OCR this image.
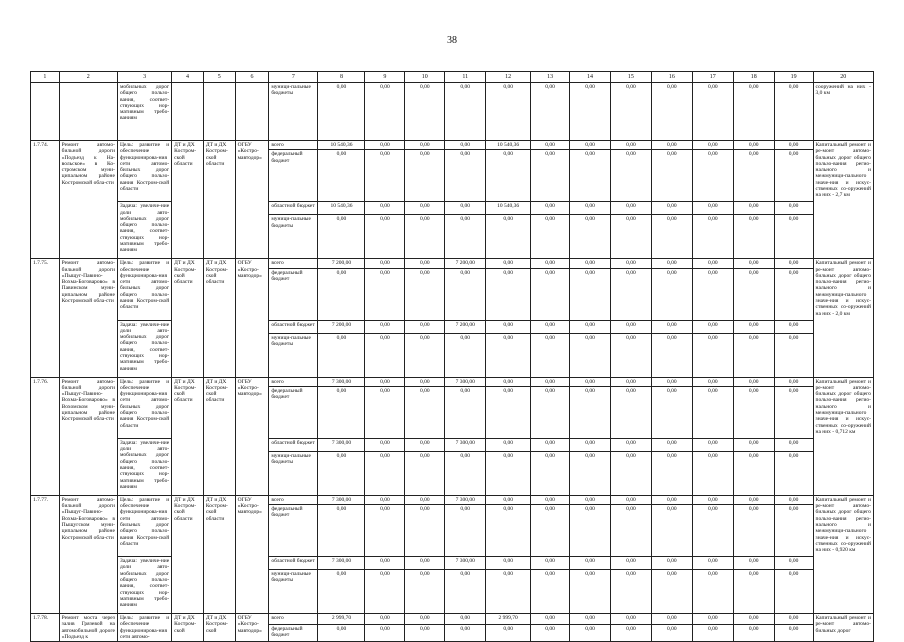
38
1	2	3	4	5	6	7	8	9	10	11	12	13	14	15	16	17	18	19	20
		мобильных дорог общего пользо-вания, соответ-ствующих нор-мативным требо-ваниям				муници-пальные бюджеты	0,00	0,00	0,00	0,00	0,00	0,00	0,00	0,00	0,00	0,00	0,00	0,00	сооружений на них - 3,0 км
1.7.74.	Ремонт автомо-бильной дороги «Подъезд к На-вольское» в Ко-стромском муни-ципальном районе Костромской обла-сти	Цель: развитие и обеспечение функционирова-ния сети автомо-бильных дорог общего пользо-вания Костром-ской области	ДТ и ДХ Костром-ской области	ДТ и ДХ Костром-ской области	ОГБУ «Костро-мавтодор»	всего	10 540,36	0,00	0,00	0,00	10 540,36	0,00	0,00	0,00	0,00	0,00	0,00	0,00	Капитальный ремонт и ре-монт автомо-бильных дорог общего пользо-вания регио-нального и межмуници-пального значе-ния и искус-ственных со-оружений на них - 2,7 км
						федеральный бюджет	0,00	0,00	0,00	0,00	0,00	0,00	0,00	0,00	0,00	0,00	0,00	0,00	
		Задача: увеличе-ние доли авто-мобильных дорог общего пользо-вания, соответ-ствующих нор-мативным требо-ваниям				областной бюджет	10 540,36	0,00	0,00	0,00	10 540,36	0,00	0,00	0,00	0,00	0,00	0,00	0,00	
						муници-пальные бюджеты	0,00	0,00	0,00	0,00	0,00	0,00	0,00	0,00	0,00	0,00	0,00	0,00	
1.7.75.	Ремонт автомо-бильной дороги «Пыщуг-Павино-Вохма-Боговарово» в Павинском муни-ципальном районе Костромской обла-сти	Цель: развитие и обеспечение функционирова-ния сети автомо-бильных дорог общего пользо-вания Костром-ской области	ДТ и ДХ Костром-ской области	ДТ и ДХ Костром-ской области	ОГБУ «Костро-мавтодор»	всего	7 200,00	0,00	0,00	7 200,00	0,00	0,00	0,00	0,00	0,00	0,00	0,00	0,00	Капитальный ремонт и ре-монт автомо-бильных дорог общего пользо-вания регио-нального и межмуници-пального значе-ния и искус-ственных со-оружений на них - 2,0 км
						федеральный бюджет	0,00	0,00	0,00	0,00	0,00	0,00	0,00	0,00	0,00	0,00	0,00	0,00	
		Задача: увеличе-ние доли авто-мобильных дорог общего пользо-вания, соответ-ствующих нор-мативным требо-ваниям				областной бюджет	7 200,00	0,00	0,00	7 200,00	0,00	0,00	0,00	0,00	0,00	0,00	0,00	0,00	
						муници-пальные бюджеты	0,00	0,00	0,00	0,00	0,00	0,00	0,00	0,00	0,00	0,00	0,00	0,00	
1.7.76.	Ремонт автомо-бильной дороги «Пыщуг-Павино-Вохма-Боговарово» в Вохомском муни-ципальном районе Костромской обла-сти	Цель: развитие и обеспечение функционирова-ния сети автомо-бильных дорог общего пользо-вания Костром-ской области	ДТ и ДХ Костром-ской области	ДТ и ДХ Костром-ской области	ОГБУ «Костро-мавтодор»	всего	7 300,00	0,00	0,00	7 300,00	0,00	0,00	0,00	0,00	0,00	0,00	0,00	0,00	Капитальный ремонт и ре-монт автомо-бильных дорог общего пользо-вания регио-нального и межмуници-пального значе-ния и искус-ственных со-оружений на них - 0,712 км
						федеральный бюджет	0,00	0,00	0,00	0,00	0,00	0,00	0,00	0,00	0,00	0,00	0,00	0,00	
		Задача: увеличе-ние доли авто-мобильных дорог общего пользо-вания, соответ-ствующих нор-мативным требо-ваниям				областной бюджет	7 300,00	0,00	0,00	7 300,00	0,00	0,00	0,00	0,00	0,00	0,00	0,00	0,00	
						муници-пальные бюджеты	0,00	0,00	0,00	0,00	0,00	0,00	0,00	0,00	0,00	0,00	0,00	0,00	
1.7.77.	Ремонт автомо-бильной дороги «Пыщуг-Павино-Вохма-Боговарово» в Пыщугском муни-ципальном районе Костромской обла-сти	Цель: развитие и обеспечение функционирова-ния сети автомо-бильных дорог общего пользо-вания Костром-ской области	ДТ и ДХ Костром-ской области	ДТ и ДХ Костром-ской области	ОГБУ «Костро-мавтодор»	всего	7 300,00	0,00	0,00	7 300,00	0,00	0,00	0,00	0,00	0,00	0,00	0,00	0,00	Капитальный ремонт и ре-монт автомо-бильных дорог общего пользо-вания регио-нального и межмуници-пального значе-ния и искус-ственных со-оружений на них - 0,920 км
						федеральный бюджет	0,00	0,00	0,00	0,00	0,00	0,00	0,00	0,00	0,00	0,00	0,00	0,00	
		Задача: увеличе-ние доли авто-мобильных дорог общего пользо-вания, соответ-ствующих нор-мативным требо-ваниям				областной бюджет	7 300,00	0,00	0,00	7 300,00	0,00	0,00	0,00	0,00	0,00	0,00	0,00	0,00	
						муници-пальные бюджеты	0,00	0,00	0,00	0,00	0,00	0,00	0,00	0,00	0,00	0,00	0,00	0,00	
1.7.78.	Ремонт моста через залив Грязевой на автомобильной дороге «Подъезд к	Цель: развитие и обеспечение функционирова-ния сети автомо-	ДТ и ДХ Костром-ской	ДТ и ДХ Костром-ской	ОГБУ «Костро-мавтодор»	всего	2 999,70	0,00	0,00	0,00	2 999,70	0,00	0,00	0,00	0,00	0,00	0,00	0,00	Капитальный ремонт и ре-монт автомо-бильных дорог
						федеральный бюджет	0,00	0,00	0,00	0,00	0,00	0,00	0,00	0,00	0,00	0,00	0,00	0,00	
